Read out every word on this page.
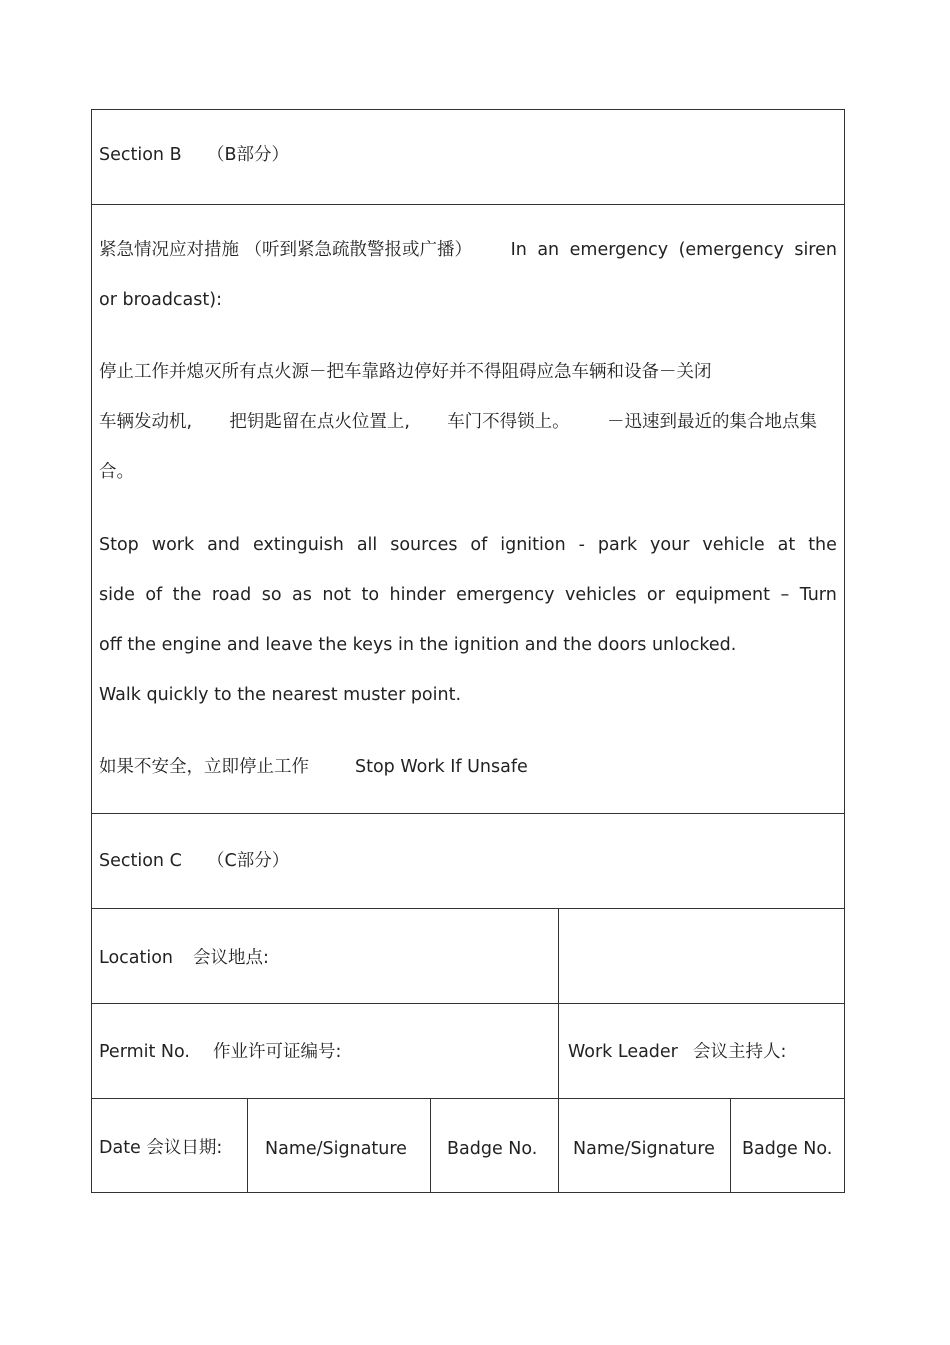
Section B （B部分）
紧急情况应对措施 （听到紧急疏散警报或广播） In an emergency (emergency siren
or broadcast):
停止工作并熄灭所有点火源－把车靠路边停好并不得阻碍应急车辆和设备－关闭
车辆发动机, 把钥匙留在点火位置上, 车门不得锁上。 －迅速到最近的集合地点集
合。
Stop work and extinguish all sources of ignition - park your vehicle at the
side of the road so as not to hinder emergency vehicles or equipment – Turn
off the engine and leave the keys in the ignition and the doors unlocked.
Walk quickly to the nearest muster point.
如果不安全，立即停止工作	Stop Work If Unsafe
Section C （C部分）
Location 会议地点:
Permit No. 作业许可证编号:	Work Leader 会议主持人:
Date 会议日期: Name/Signature Badge No. Name/Signature Badge No.
